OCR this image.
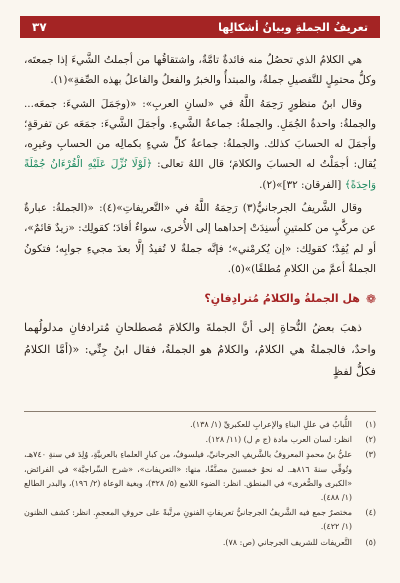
تعريفُ الجملةِ وبيانُ أشكالِها
٣٧

هي الكلامُ الذي تحصُلُ منه فائدةٌ تامَّةٌ، واشتقاقُها من أجملتُ الشَّيءَ إذا جمعتَه، وكلُّ محتمِلٍ للتَّفصيلِ جملةٌ، والمبتدأُ والخبرُ والفعلُ والفاعلُ بهذه الصِّفةِ»(١).

وقال ابنُ منظورٍ رَحِمَهُ اللَّهُ في «لسانِ العربِ»: «(وجَمَلَ الشيءَ: جمعَه... والجملةُ: واحدةُ الجُمَلِ. والجملةُ: جماعةُ الشَّيءِ. وأجمَلَ الشَّيءَ: جمَعَه عن تفرقةٍ؛ وأجمَلَ له الحسابَ كذلك. والجملةُ: جماعةُ كلِّ شيءٍ بكمالِه من الحسابِ وغيرِه، يُقال: أجمَلْتُ له الحسابَ والكلامَ؛ قال اللهُ تعالى: ﴿لَوْلَا نُزِّلَ عَلَيْهِ الْقُرْءَانُ جُمْلَةً وَاحِدَةً﴾ [الفرقان: ٣٢]»(٢).

وقال الشَّريفُ الجرجانيُّ(٣) رَحِمَهُ اللَّهُ في «التَّعريفاتِ»(٤): «(الجملةُ: عبارةٌ عن مركَّبٍ من كلمتينِ أُسنِدَتْ إحداهما إلى الأُخرى، سواءٌ أفادَ؛ كقولِك: «زيدٌ قائمٌ»، أو لم يُفِدْ؛ كقولِك: «إن يُكرمْني»؛ فإنَّه جملةٌ لا تُفيدُ إلَّا بعدَ مجيءِ جوابِه؛ فتكونُ الجملةُ أعمَّ من الكلامِ مُطلقًا)»(٥).

❁
هل الجملةُ والكلامُ مُترادِفانِ؟

ذهبَ بعضُ النُّحاةِ إلى أنَّ الجملةَ والكلامَ مُصطلحانِ مُترادفانِ مدلولُهما واحدٌ، فالجملةُ هي الكلامُ، والكلامُ هو الجملةُ، فقال ابنُ جِنِّي: «(أمَّا الكلامُ فكلُّ لفظٍ

(١)
اللُّبابُ في عللِ البناءِ والإعرابِ للعكبريِّ (١/ ١٣٨).
(٢)
انظر: لسان العرب مادة (ج م ل) (١١/ ١٢٨).
(٣)
عليُّ بنُ محمدٍ المعروفُ بالشَّريفِ الجرجانيِّ، فيلسوفٌ، من كبارِ العلماءِ بالعربيَّةِ، وُلِدَ في سنةِ ٧٤٠هـ، وتُوفِّي سنةَ ٨١٦هـ. له نحوُ خمسينَ مصنَّفًا، منها: «التعريفات»، «شرح السِّراجيَّة» في الفرائض، «الكبرى والصُّغرى» في المنطق. انظر: الضوء اللامع (٥/ ٣٢٨)، وبغية الوعاة (٢/ ١٩٦)، والبدر الطالع (١/ ٤٨٨).
(٤)
مختصرٌ جمع فيه الشَّريفُ الجرجانيُّ تعريفاتِ الفنونِ مرتَّبةً على حروفِ المعجمِ. انظر: كشف الظنون (١/ ٤٢٢).
(٥)
التَّعريفات للشريف الجرجاني (ص: ٧٨).
